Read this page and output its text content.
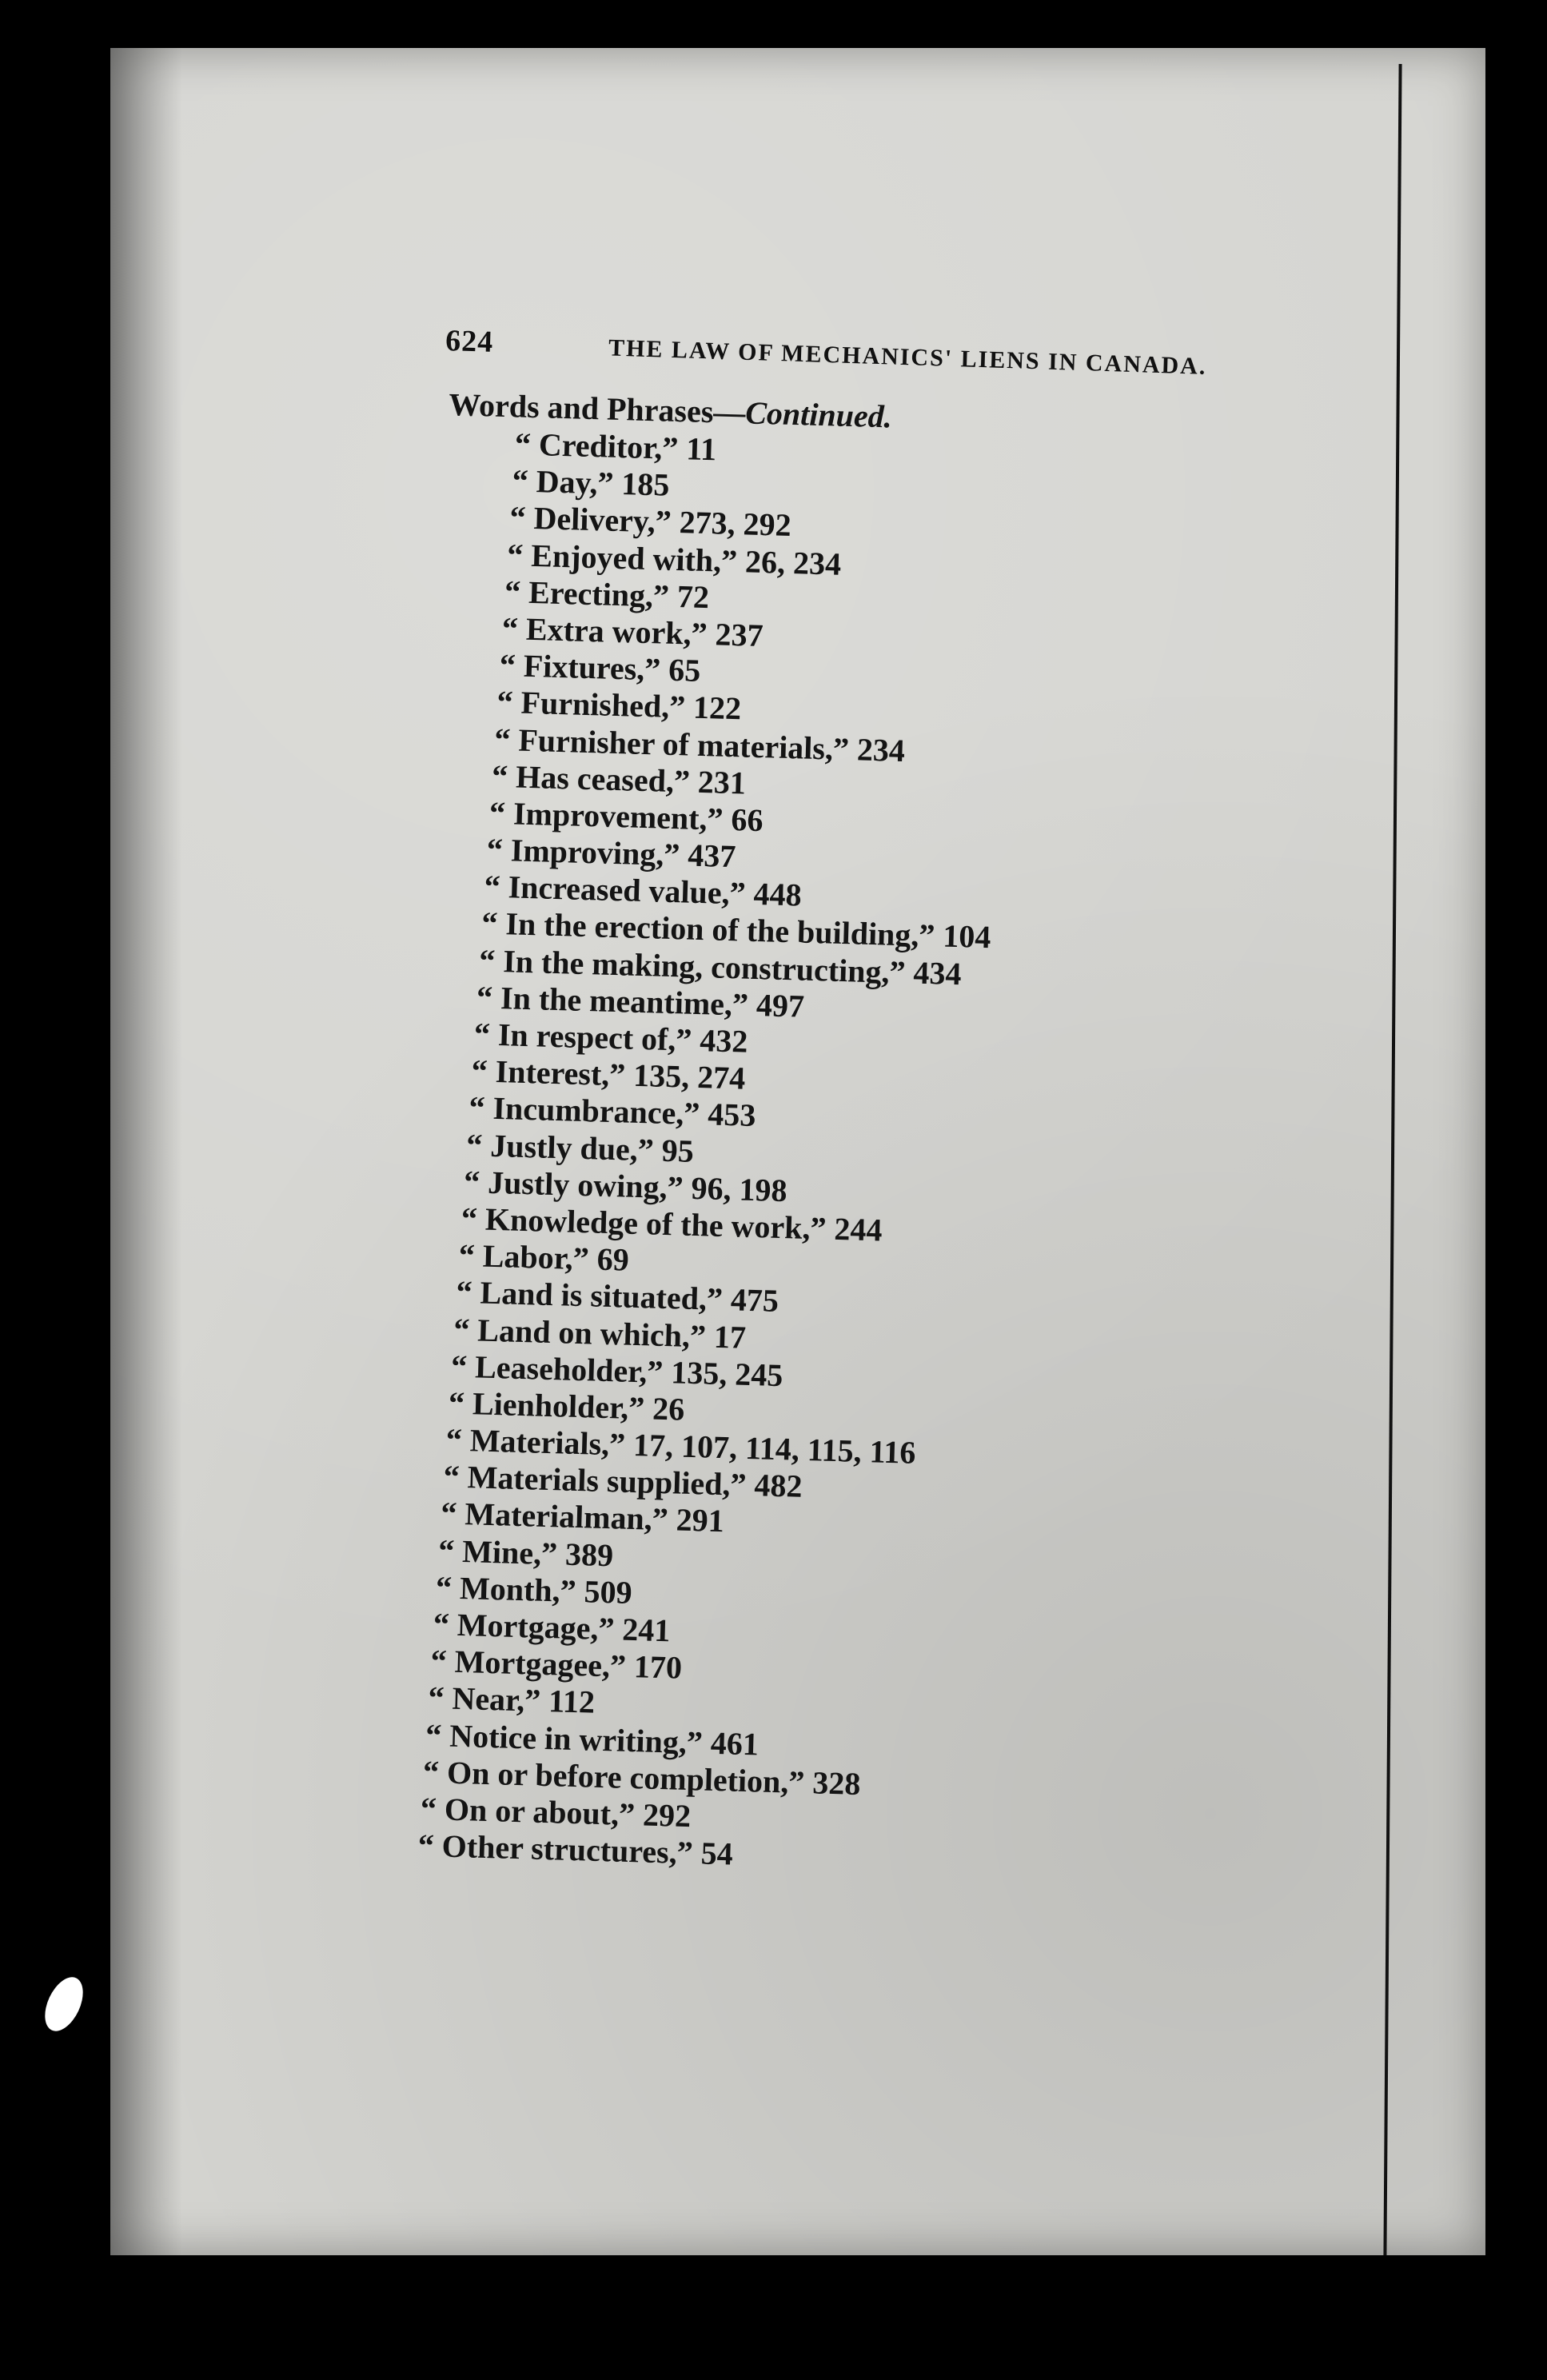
624	THE LAW OF MECHANICS' LIENS IN CANADA.
Words and Phrases—Continued.
“ Creditor,” 11
“ Day,” 185
“ Delivery,” 273, 292
“ Enjoyed with,” 26, 234
“ Erecting,” 72
“ Extra work,” 237
“ Fixtures,” 65
“ Furnished,” 122
“ Furnisher of materials,” 234
“ Has ceased,” 231
“ Improvement,” 66
“ Improving,” 437
“ Increased value,” 448
“ In the erection of the building,” 104
“ In the making, constructing,” 434
“ In the meantime,” 497
“ In respect of,” 432
“ Interest,” 135, 274
“ Incumbrance,” 453
“ Justly due,” 95
“ Justly owing,” 96, 198
“ Knowledge of the work,” 244
“ Labor,” 69
“ Land is situated,” 475
“ Land on which,” 17
“ Leaseholder,” 135, 245
“ Lienholder,” 26
“ Materials,” 17, 107, 114, 115, 116
“ Materials supplied,” 482
“ Materialman,” 291
“ Mine,” 389
“ Month,” 509
“ Mortgage,” 241
“ Mortgagee,” 170
“ Near,” 112
“ Notice in writing,” 461
“ On or before completion,” 328
“ On or about,” 292
“ Other structures,” 54
